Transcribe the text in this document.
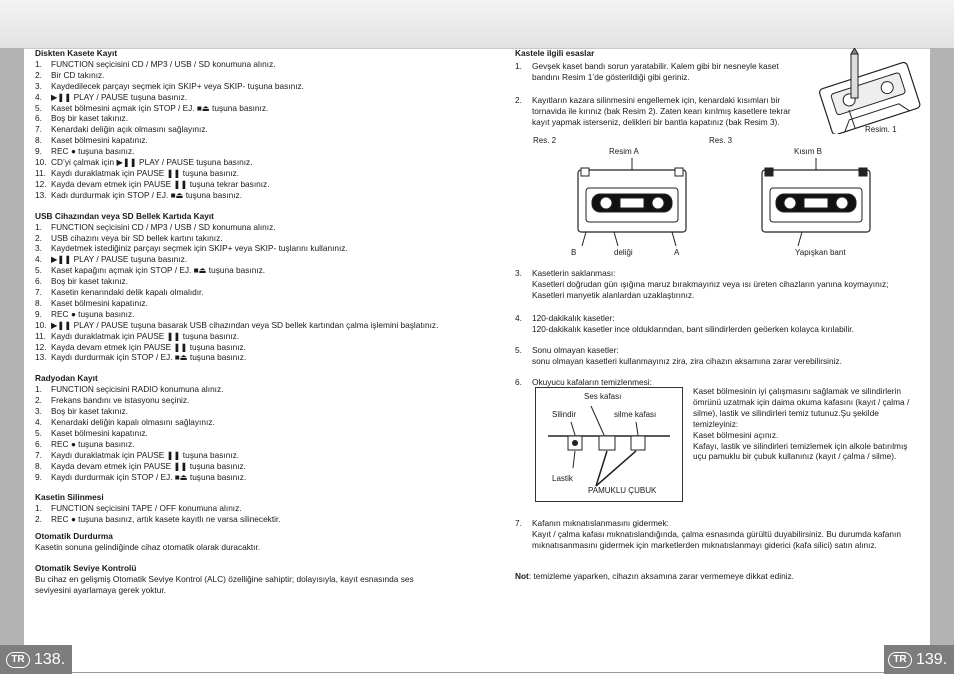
TR 138.	TR 139.
Diskten Kasete Kayıt
1.	FUNCTION seçicisini CD / MP3 / USB / SD konumuna alınız.
2.	Bir CD takınız.
3.	Kaydedilecek parçayı seçmek için SKIP+ veya SKIP- tuşuna basınız.
4.	▶❚❚ PLAY / PAUSE tuşuna basınız.
5.	Kaset bölmesini açmak için STOP / EJ. ■⏏ tuşuna basınız.
6.	Boş bir kaset takınız.
7.	Kenardaki deliğin açık olmasını sağlayınız.
8.	Kaset bölmesini kapatınız.
9.	REC ● tuşuna basınız.
10. CD’yi çalmak için ▶❚❚ PLAY / PAUSE tuşuna basınız.
11. Kaydı duraklatmak için PAUSE ❚❚ tuşuna basınız.
12. Kayda devam etmek için PAUSE ❚❚ tuşuna tekrar basınız.
13. Kadı durdurmak için STOP / EJ. ■⏏ tuşuna basınız.
USB Cihazından veya SD Bellek Kartıda Kayıt
1.	FUNCTION seçicisini CD / MP3 / USB / SD konumuna alınız.
2.	USB cihazını veya bir SD bellek kartını takınız.
3.	Kaydetmek istediğiniz parçayı seçmek için SKIP+ veya SKIP- tuşlarını kullanınız.
4.	▶❚❚ PLAY / PAUSE tuşuna basınız.
5.	Kaset kapağını açmak için STOP / EJ. ■⏏ tuşuna basınız.
6.	Boş bir kaset takınız.
7.	Kasetin kenarındaki delik kapalı olmalıdır.
8.	Kaset bölmesini kapatınız.
9.	REC ● tuşuna basınız.
10. ▶❚❚ PLAY / PAUSE tuşuna basarak USB cihazından veya SD bellek kartından çalma işlemini başlatınız.
11. Kaydı duraklatmak için PAUSE ❚❚ tuşuna basınız.
12. Kayda devam etmek için PAUSE ❚❚ tuşuna basınız.
13. Kaydı durdurmak için STOP / EJ. ■⏏ tuşuna basınız.
Radyodan Kayıt
1.	FUNCTION seçicisini RADIO konumuna alınız.
2.	Frekans bandını ve istasyonu seçiniz.
3.	Boş bir kaset takınız.
4.	Kenardaki deliğin kapalı olmasını sağlayınız.
5.	Kaset bölmesini kapatınız.
6.	REC ● tuşuna basınız.
7.	Kaydı duraklatmak için PAUSE ❚❚ tuşuna basınız.
8.	Kayda devam etmek için PAUSE ❚❚ tuşuna basınız.
9.	Kaydı durdurmak için STOP / EJ. ■⏏ tuşuna basınız.
Kasetin Silinmesi
1.	FUNCTION seçicisini TAPE / OFF konumuna alınız.
2.	REC ● tuşuna basınız, artık kasete kayıtlı ne varsa silinecektir.
Otomatik Durdurma
Kasetin sonuna gelindiğinde cihaz otomatik olarak duracaktır.
Otomatik Seviye Kontrolü
Bu cihaz en gelişmiş Otomatik Seviye Kontrol (ALC) özelliğine sahiptir; dolayısıyla, kayıt esnasında ses seviyesini ayarlamaya gerek yoktur.
Kastele ilgili esaslar
1.	Gevşek kaset bandı sorun yaratabilir. Kalem gibi bir nesneyle kaset bandını Resim 1’de gösterildiği gibi geriniz.
2.	Kayıtların kazara silinmesini engellemek için, kenardaki kısımları bir tornavida ile kırınız (bak Resim 2). Zaten kearı kırılmış kasetlere tekrar kayıt yapmak isterseniz, delikleri bir bantla kapatınız (bak Resim 3).
3.	Kasetlerin saklanması:
Kasetleri doğrudan gün ışığına maruz bırakmayınız veya ısı üreten cihazların yanına koymayınız; Kasetleri manyetik alanlardan uzaklaştırınız.
4.	120-dakikalık kasetler:
120-dakikalık kasetler ince olduklarından, bant silindirlerden geöerken kolayca kırılabilir.
5.	Sonu olmayan kasetler:
sonu olmayan kasetleri kullanmayınız zira, zira cihazın aksamına zarar verebilirsiniz.
6.	Okuyucu kafaların temizlenmesi:
Kaset bölmesinin iyi çalışmasını sağlamak ve silindirlerin ömrünü uzatmak için daima okuma kafasını (kayıt / çalma / silme), lastik ve silindirleri temiz tutunuz.Şu şekilde temizleyiniz:
Kaset bölmesini açınız.
Kafayı, lastik ve silindirleri temizlemek için alkole batırılmış uçu pamuklu bir çubuk kullanınız (kayıt / çalma / silme).
7.	Kafanın mıknatıslanmasını gidermek:
Kayıt / çalma kafası mıknatıslandığında, çalma esnasında gürültü duyabilirsiniz. Bu durumda kafanın mıknatısanmasını gidermek için marketlerden mıknatıslanmayı giderici (kafa silici) satın alınız.
Not: temizleme yaparken, cihazın aksamına zarar vermemeye dikkat ediniz.
Resim. 1
Res. 2	Res. 3
Resim A	Kısım B
B	deliği	A	Yapışkan bant
Ses kafası
Silindir	silme kafası
Lastik
PAMUKLU ÇUBUK
